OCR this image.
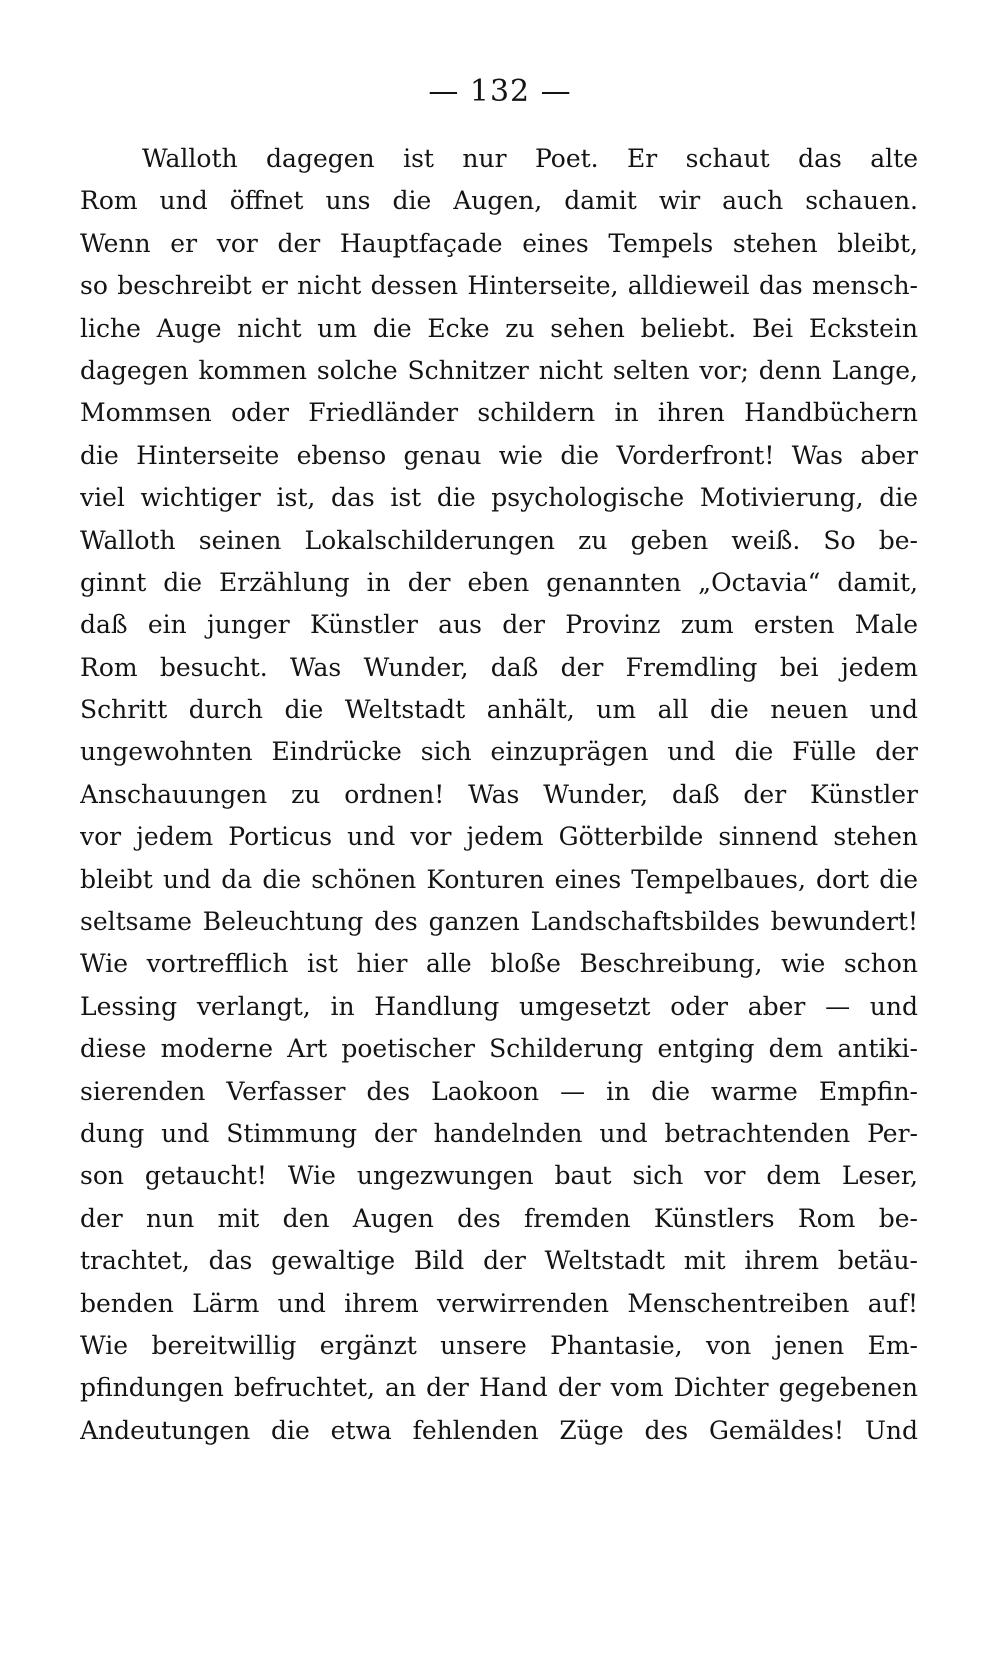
— 132 —
Walloth dagegen ist nur Poet. Er schaut das alte
Rom und öffnet uns die Augen, damit wir auch schauen.
Wenn er vor der Hauptfaçade eines Tempels stehen bleibt,
so beschreibt er nicht dessen Hinterseite, alldieweil das mensch-
liche Auge nicht um die Ecke zu sehen beliebt. Bei Eckstein
dagegen kommen solche Schnitzer nicht selten vor; denn Lange,
Mommsen oder Friedländer schildern in ihren Handbüchern
die Hinterseite ebenso genau wie die Vorderfront! Was aber
viel wichtiger ist, das ist die psychologische Motivierung, die
Walloth seinen Lokalschilderungen zu geben weiß. So be-
ginnt die Erzählung in der eben genannten „Octavia“ damit,
daß ein junger Künstler aus der Provinz zum ersten Male
Rom besucht. Was Wunder, daß der Fremdling bei jedem
Schritt durch die Weltstadt anhält, um all die neuen und
ungewohnten Eindrücke sich einzuprägen und die Fülle der
Anschauungen zu ordnen! Was Wunder, daß der Künstler
vor jedem Porticus und vor jedem Götterbilde sinnend stehen
bleibt und da die schönen Konturen eines Tempelbaues, dort die
seltsame Beleuchtung des ganzen Landschaftsbildes bewundert!
Wie vortrefflich ist hier alle bloße Beschreibung, wie schon
Lessing verlangt, in Handlung umgesetzt oder aber — und
diese moderne Art poetischer Schilderung entging dem antiki-
sierenden Verfasser des Laokoon — in die warme Empfin-
dung und Stimmung der handelnden und betrachtenden Per-
son getaucht! Wie ungezwungen baut sich vor dem Leser,
der nun mit den Augen des fremden Künstlers Rom be-
trachtet, das gewaltige Bild der Weltstadt mit ihrem betäu-
benden Lärm und ihrem verwirrenden Menschentreiben auf!
Wie bereitwillig ergänzt unsere Phantasie, von jenen Em-
pfindungen befruchtet, an der Hand der vom Dichter gegebenen
Andeutungen die etwa fehlenden Züge des Gemäldes! Und
